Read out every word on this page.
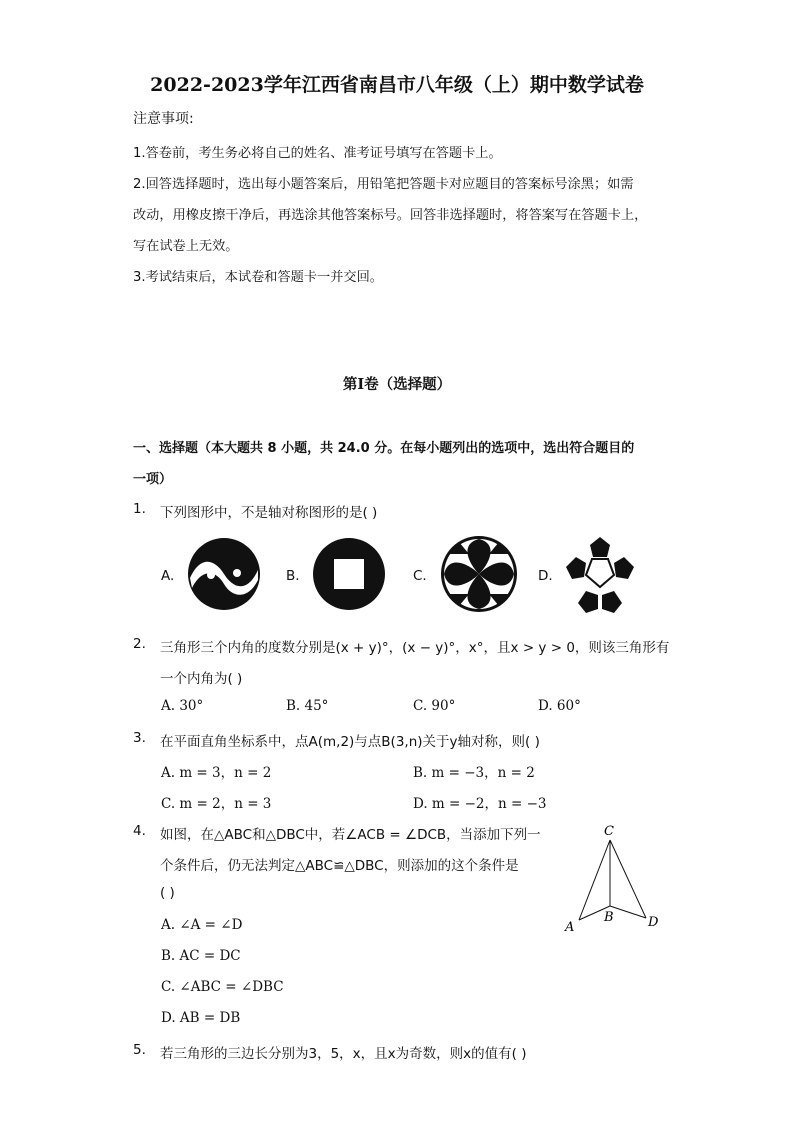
2022-2023学年江西省南昌市八年级（上）期中数学试卷
注意事项:
1.答卷前，考生务必将自己的姓名、准考证号填写在答题卡上。
2.回答选择题时，选出每小题答案后，用铅笔把答题卡对应题目的答案标号涂黑；如需
改动，用橡皮擦干净后，再选涂其他答案标号。回答非选择题时，将答案写在答题卡上，
写在试卷上无效。
3.考试结束后，本试卷和答题卡一并交回。
第Ⅰ卷（选择题）
一、选择题（本大题共 8 小题，共 24.0 分。在每小题列出的选项中，选出符合题目的
一项）
1. 下列图形中，不是轴对称图形的是( )
A.	B.	C.	D.
2. 三角形三个内角的度数分别是(x + y)°，(x − y)°，x°，且x > y > 0，则该三角形有
一个内角为( )
A. 30°	B. 45°	C. 90°	D. 60°
3. 在平面直角坐标系中，点A(m,2)与点B(3,n)关于y轴对称，则( )
A. m = 3，n = 2	B. m = −3，n = 2
C. m = 2，n = 3	D. m = −2，n = −3
4. 如图，在△ABC和△DBC中，若∠ACB = ∠DCB，当添加下列一
个条件后，仍无法判定△ABC≌△DBC，则添加的这个条件是
( )
A. ∠A = ∠D
B. AC = DC
C. ∠ABC = ∠DBC
D. AB = DB
C
A
B	D
5. 若三角形的三边长分别为3，5，x，且x为奇数，则x的值有( )
